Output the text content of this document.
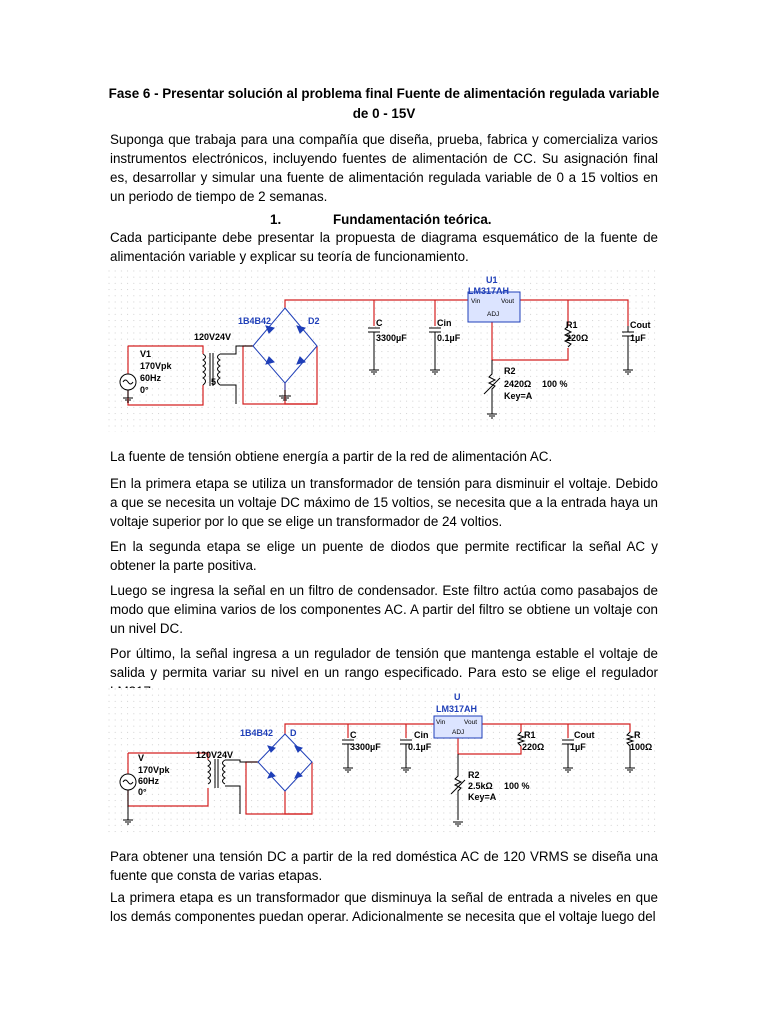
Fase 6 - Presentar solución al problema final Fuente de alimentación regulada variable de 0 - 15V
Suponga que trabaja para una compañía que diseña, prueba, fabrica y comercializa varios instrumentos electrónicos, incluyendo fuentes de alimentación de CC. Su asignación final es, desarrollar y simular una fuente de alimentación regulada variable de 0 a 15 voltios en un periodo de tiempo de 2 semanas.
1.	Fundamentación teórica.
Cada participante debe presentar la propuesta de diagrama esquemático de la fuente de alimentación variable y explicar su teoría de funcionamiento.
V1
170Vpk
60Hz
0°
120V24V
5
1B4B42	D2	C
3300µF
Cin
0.1µF
U1
LM317AH
Vin	Vout
ADJ
R1
220Ω
R2
2420Ω 100 %
Key=A
Cout
1µF
La fuente de tensión obtiene energía a partir de la red de alimentación AC.
En la primera etapa se utiliza un transformador de tensión para disminuir el voltaje. Debido a que se necesita un voltaje DC máximo de 15 voltios, se necesita que a la entrada haya un voltaje superior por lo que se elige un transformador de 24 voltios.
En la segunda etapa se elige un puente de diodos que permite rectificar la señal AC y obtener la parte positiva.
Luego se ingresa la señal en un filtro de condensador. Este filtro actúa como pasabajos de modo que elimina varios de los componentes AC. A partir del filtro se obtiene un voltaje con un nivel DC.
Por último, la señal ingresa a un regulador de tensión que mantenga estable el voltaje de salida y permita variar su nivel en un rango especificado. Para esto se elige el regulador
V
170Vpk
60Hz
0°
120V24V
1B4B42 D	C
3300µF
Cin
0.1µF
U
LM317AH
Vin	Vout
ADJ	R1
220Ω
R2
2.5kΩ 100 %
Key=A
Cout
1µF
R
100Ω
Para obtener una tensión DC a partir de la red doméstica AC de 120 VRMS se diseña una fuente que consta de varias etapas.
La primera etapa es un transformador que disminuya la señal de entrada a niveles en que los demás componentes puedan operar. Adicionalmente se necesita que el voltaje luego del
